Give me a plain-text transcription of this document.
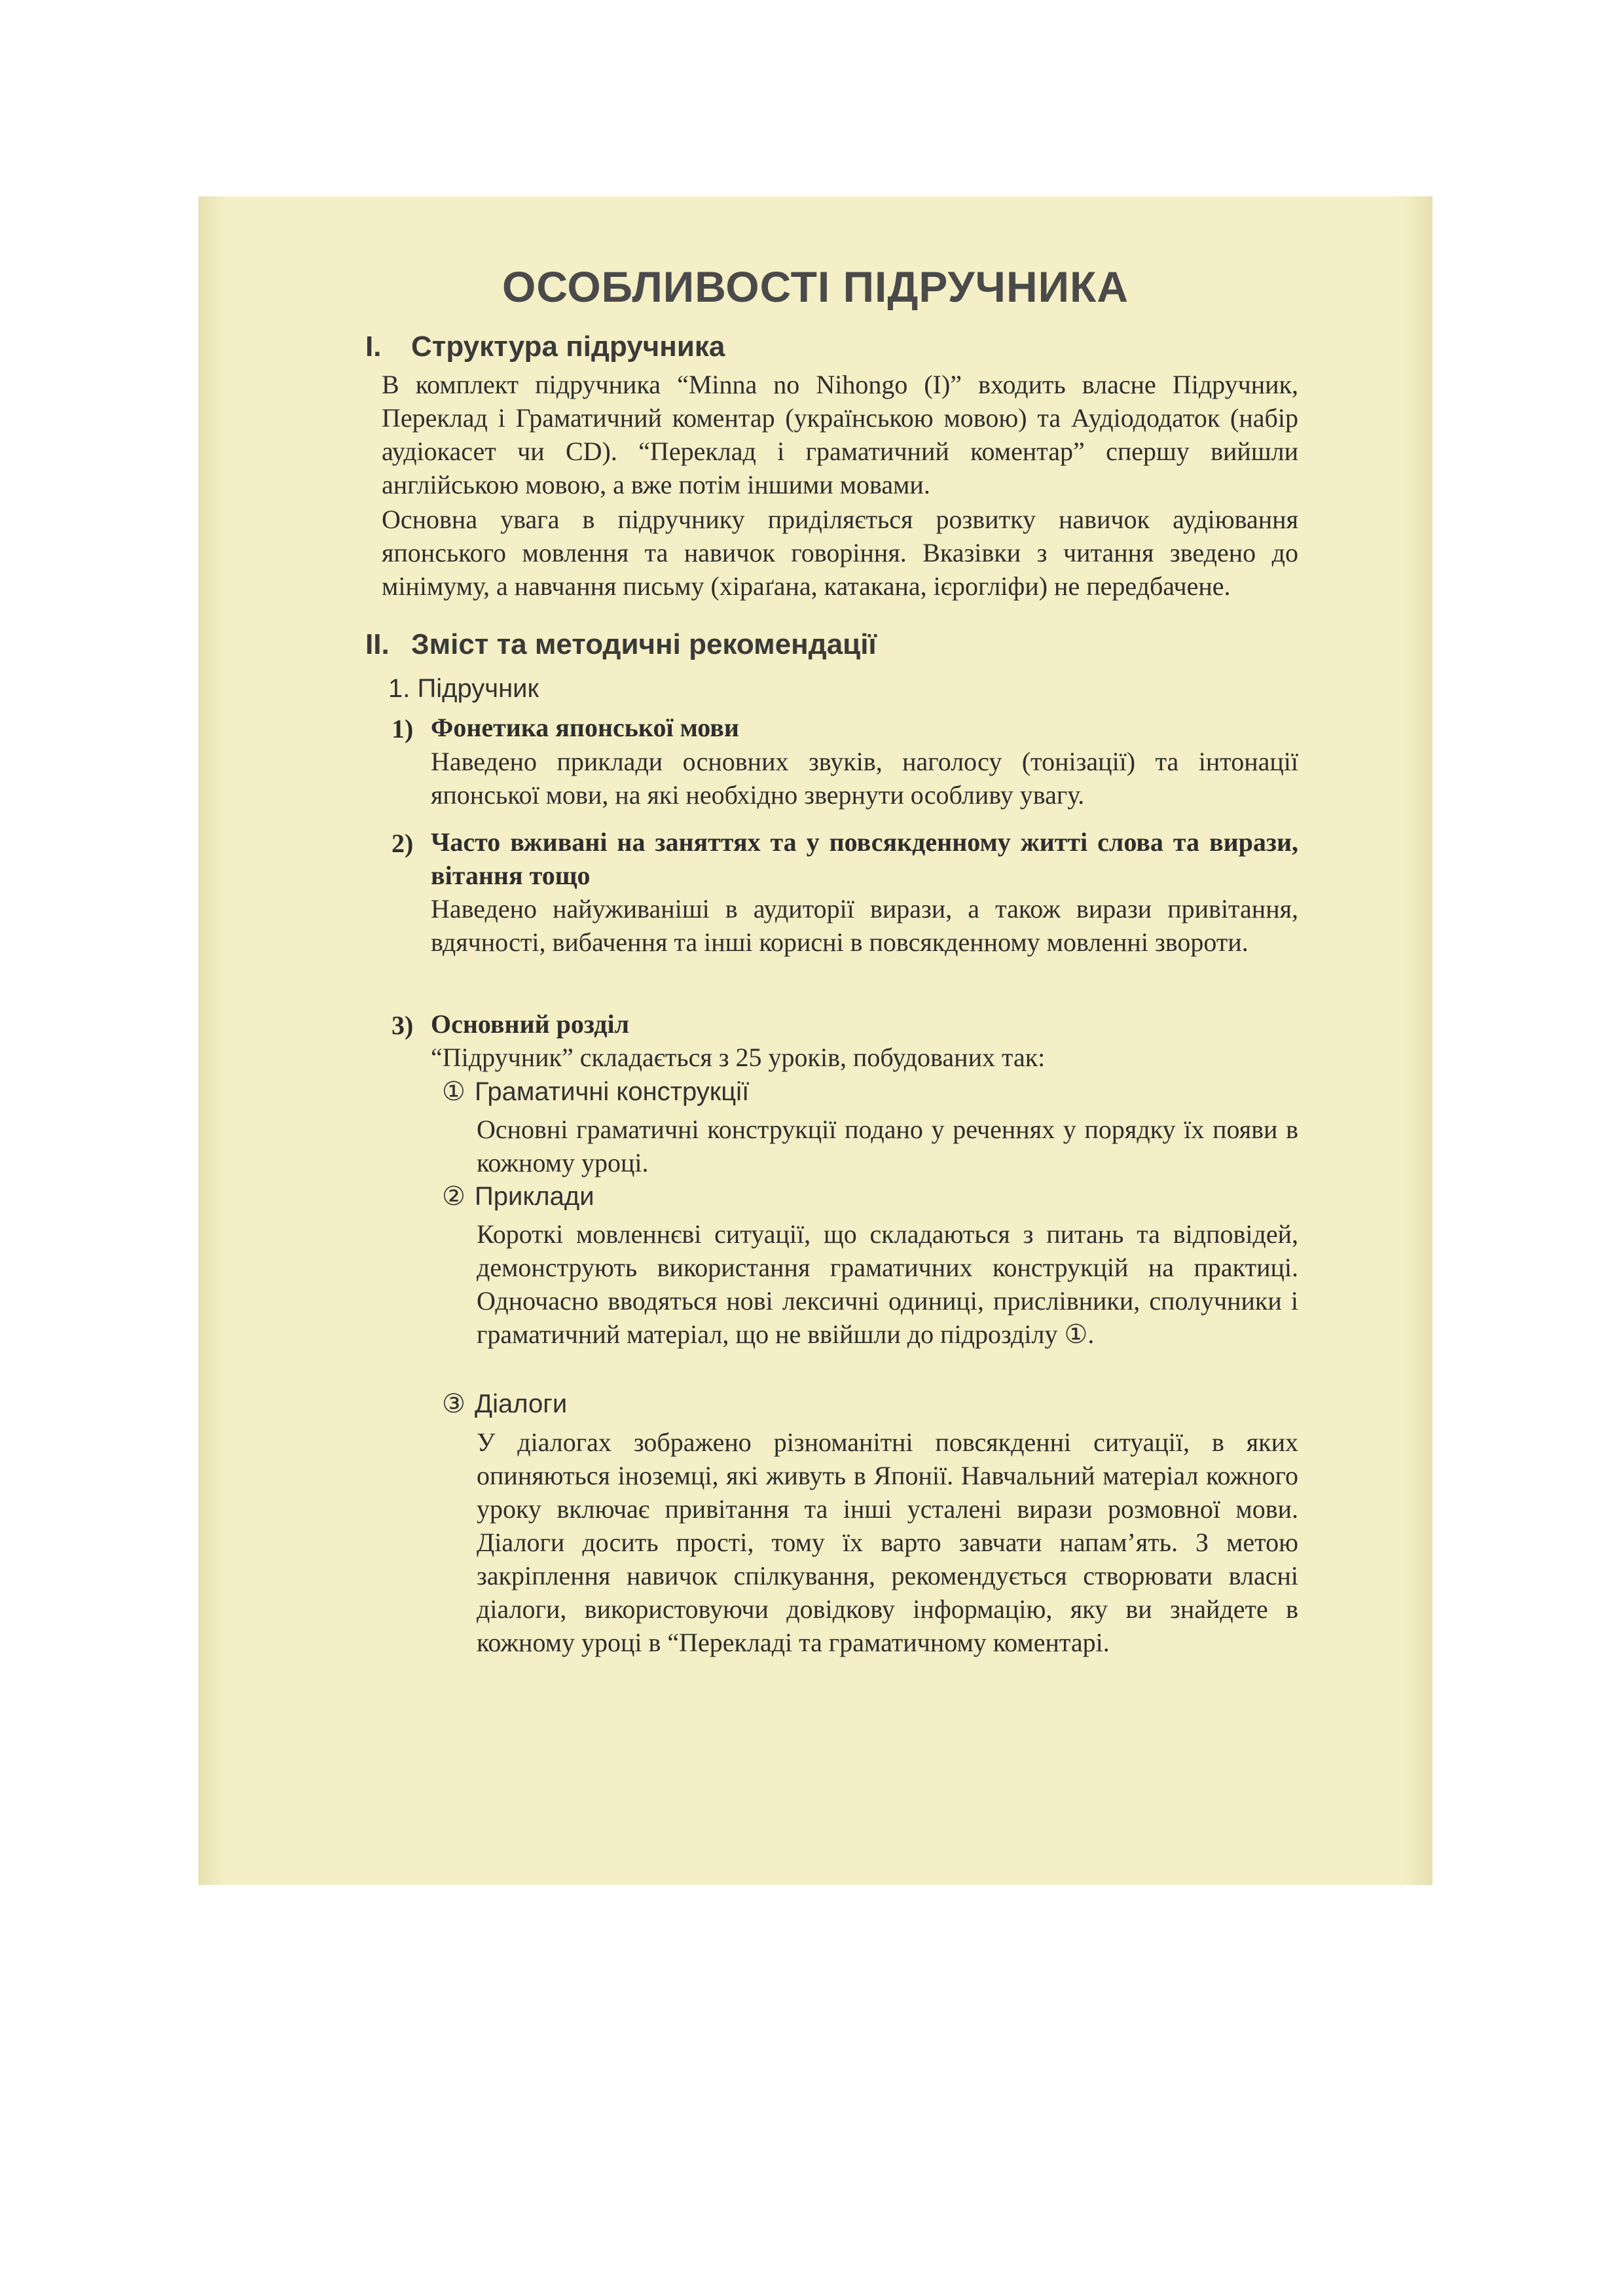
ОСОБЛИВОСТІ ПІДРУЧНИКА
I. Структура підручника

В комплект підручника “Minna no Nihongo (I)” входить власне Підручник, Переклад і Граматичний коментар (українською мовою) та Аудіододаток (набір аудіокасет чи CD). “Переклад і граматичний коментар” спершу вийшли англійською мовою, а вже потім іншими мовами.

Основна увага в підручнику приділяється розвитку навичок аудіювання японського мовлення та навичок говоріння. Вказівки з читання зведено до мінімуму, а навчання письму (хіраґана, катакана, ієрогліфи) не передбачене.

II. Зміст та методичні рекомендації
1. Підручник
1) Фонетика японської мови

Наведено приклади основних звуків, наголосу (тонізації) та інтонації японської мови, на які необхідно звернути особливу увагу.

2) Часто вживані на заняттях та у повсякденному житті слова та вирази, вітання тощо

Наведено найуживаніші в аудиторії вирази, а також вирази привітання, вдячності, вибачення та інші корисні в повсякденному мовленні звороти.

3) Основний розділ

“Підручник” складається з 25 уроків, побудованих так:

① Граматичні конструкції

Основні граматичні конструкції подано у реченнях у порядку їх появи в кожному уроці.

② Приклади

Короткі мовленнєві ситуації, що складаються з питань та відповідей, демонструють використання граматичних конструкцій на практиці. Одночасно вводяться нові лексичні одиниці, прислівники, сполучники і граматичний матеріал, що не ввійшли до підрозділу ①.

③ Діалоги

У діалогах зображено різноманітні повсякденні ситуації, в яких опиняються іноземці, які живуть в Японії. Навчальний матеріал кожного уроку включає привітання та інші усталені вирази розмовної мови. Діалоги досить прості, тому їх варто завчати напам’ять. З метою закріплення навичок спілкування, рекомендується створювати власні діалоги, використовуючи довідкову інформацію, яку ви знайдете в кожному уроці в “Перекладі та граматичному коментарі.
